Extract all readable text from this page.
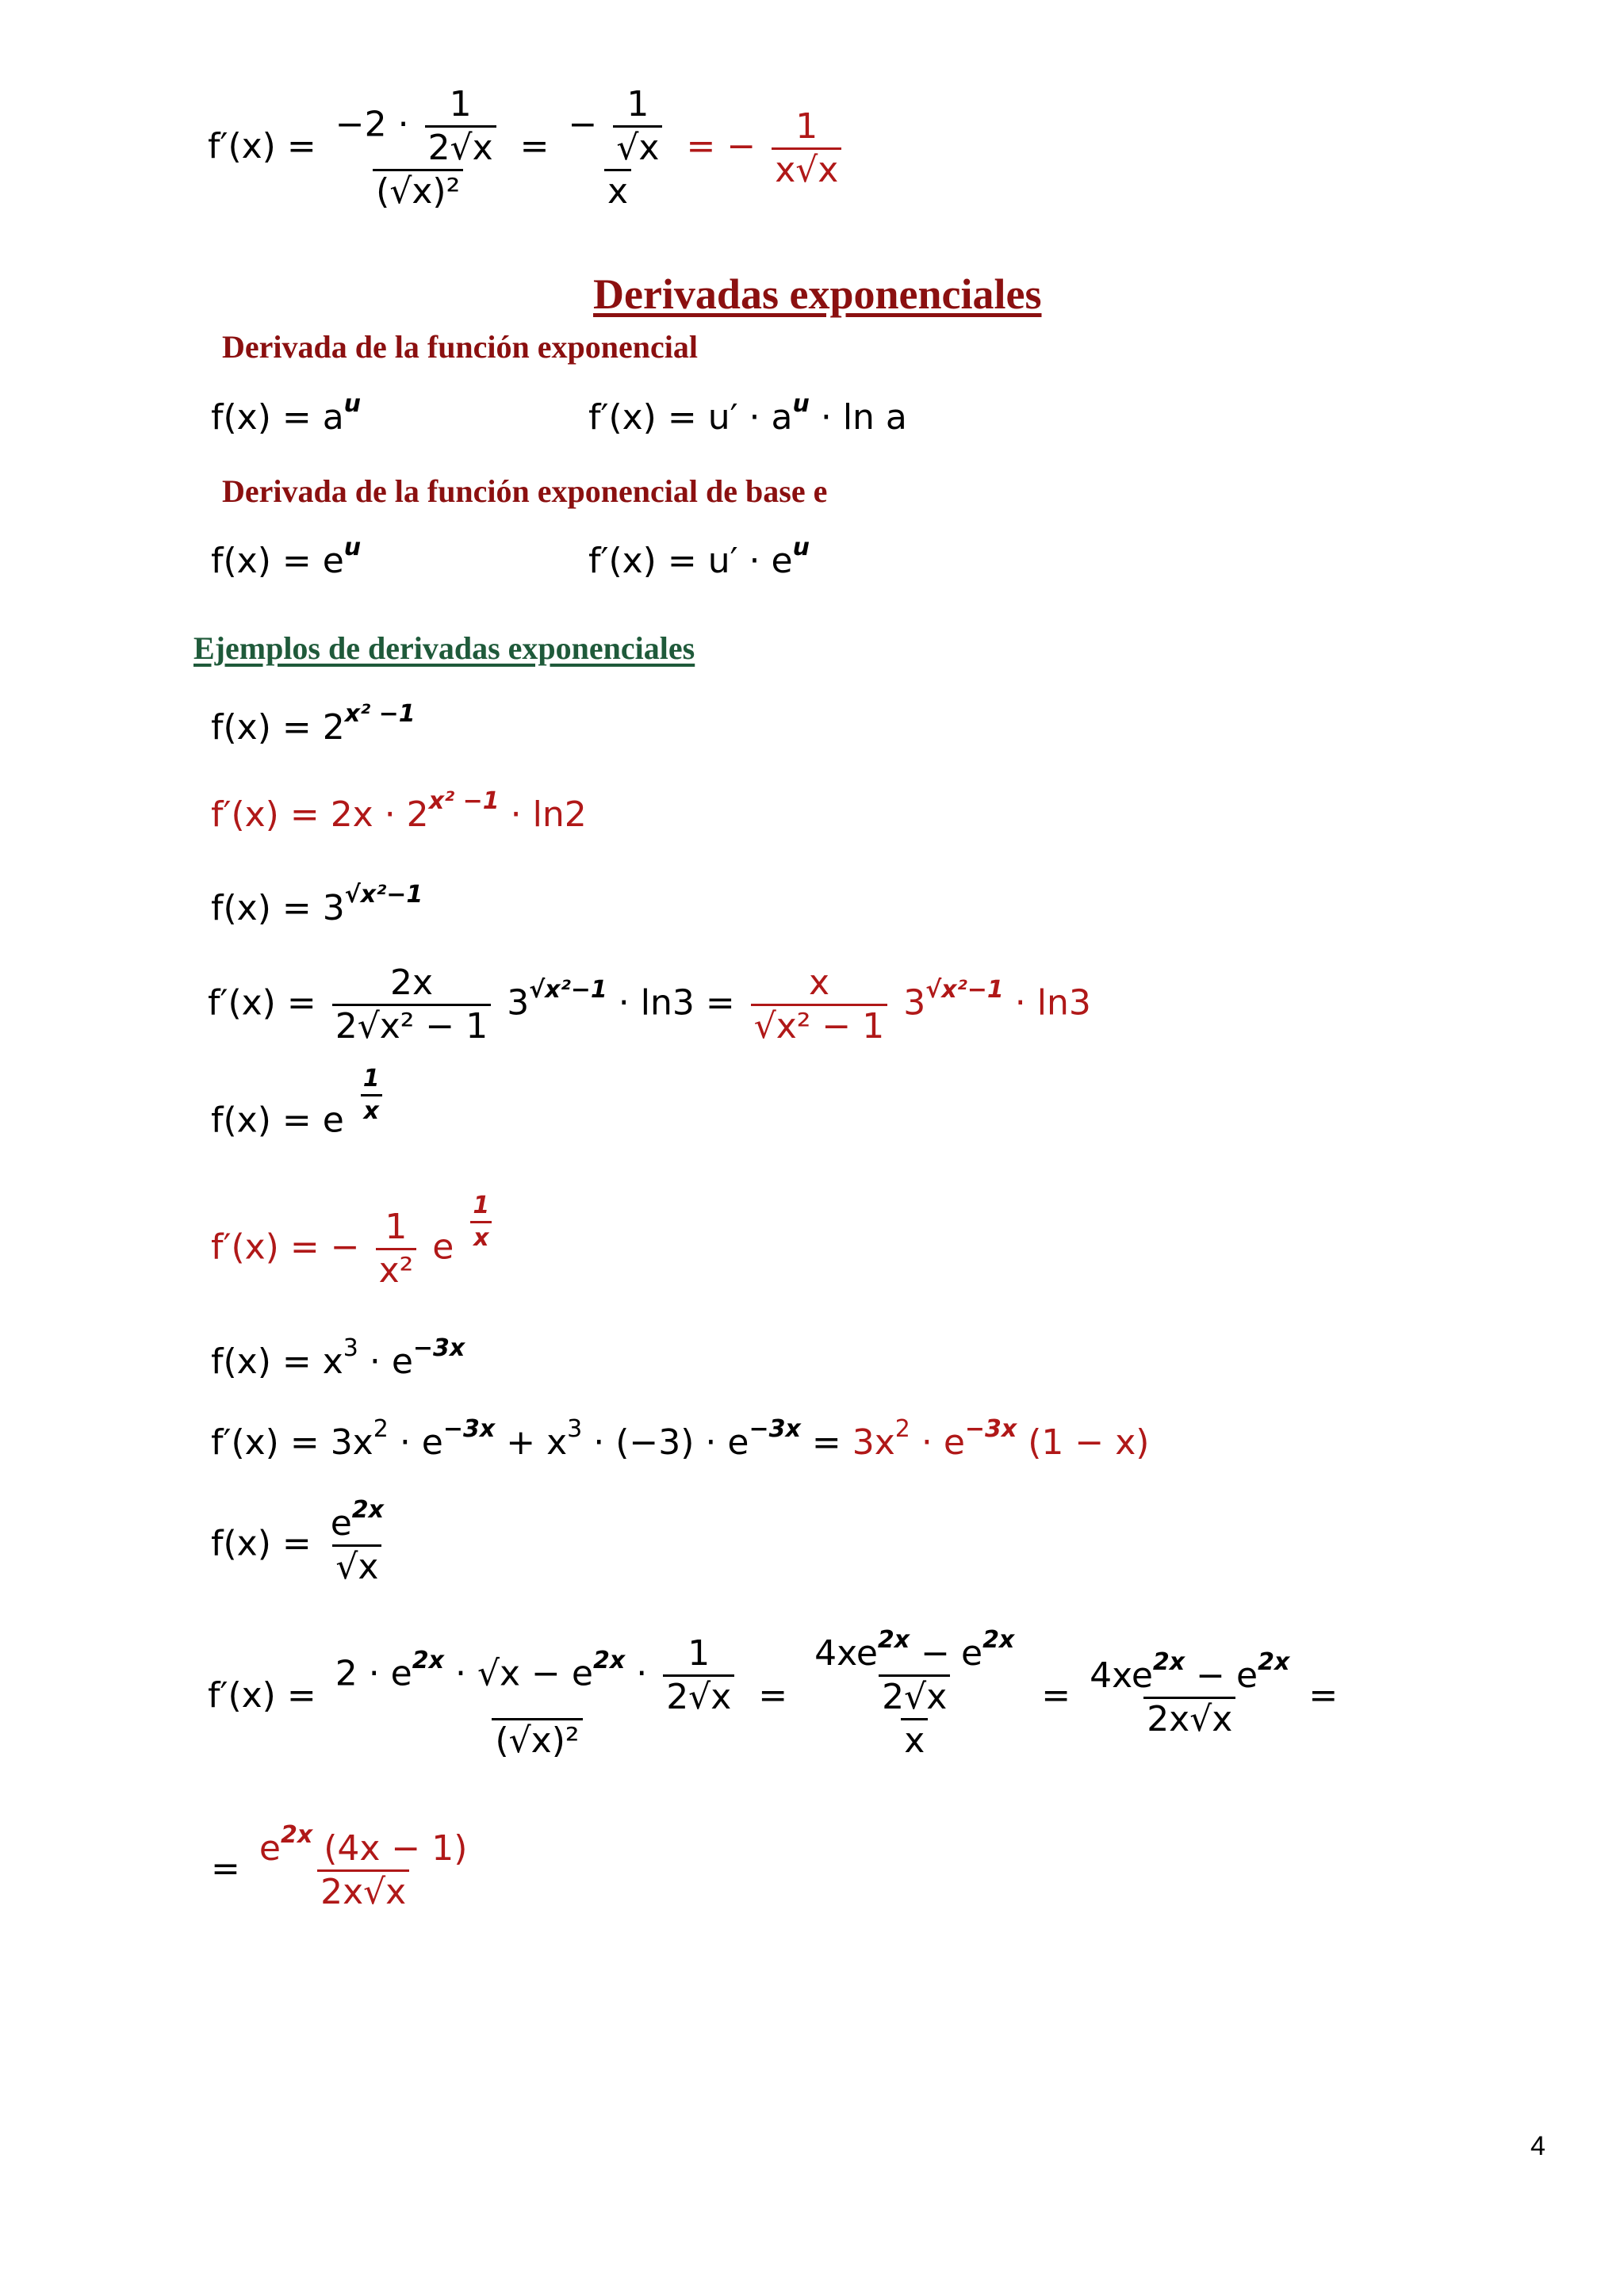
$f'(x) = \frac{-2 \cdot \frac{1}{2√x}}{\text{(√x)²}} = \frac{- \frac{1}{√x}}{x}$ = − $\frac{1}{x√x}$
Derivadas exponenciales
Derivada de la función exponencial
$f(x) = a^u$	$f'(x) = u' \cdot a^u \cdot \ln a$
Derivada de la función exponencial de base e
$f(x) = e^u$	$f'(x) = u' \cdot e^u$
Ejemplos de derivadas exponenciales
$f(x) = 2^{x^2 -1}$
$f'(x) = 2x \cdot 2^{x^2 -1} \cdot \ln 2$
$f(x) = 3^{√x^2-1}$
$f'(x) = \frac{2x}{\text{2√x² − 1}} 3^{√x^2-1} \cdot \ln 3 = \frac{x}{\text{√x² − 1}} 3^{√x^2-1} \cdot \ln 3$
f(x) = e $\frac{1}{x}$
f′(x) = − $\frac{1}{\text{x²}}$ e $\frac{1}{x}$
$f(x) = x^3 \cdot e^{-3x}$
$f'(x) = 3x^2 \cdot e^{-3x} + x^3 \cdot (-3) \cdot e^{-3x} = 3x^2 \cdot e^{-3x}$ (1 − x)
$f(x) = \frac{e^{2x}}{√x}$
f′(x) =
$2 \cdot e^{2x} \cdot √x - e^{2x} \cdot \frac{1}{2√x}$
(√x)²
= $\frac{\frac{4xe^{2x} - e^{2x}}{2√x}}{x} = \frac{4xe^{2x} - e^{2x}}{2x√x}$ =
= $\frac{e^{2x} (4x - 1)}{2x√x}$
4
